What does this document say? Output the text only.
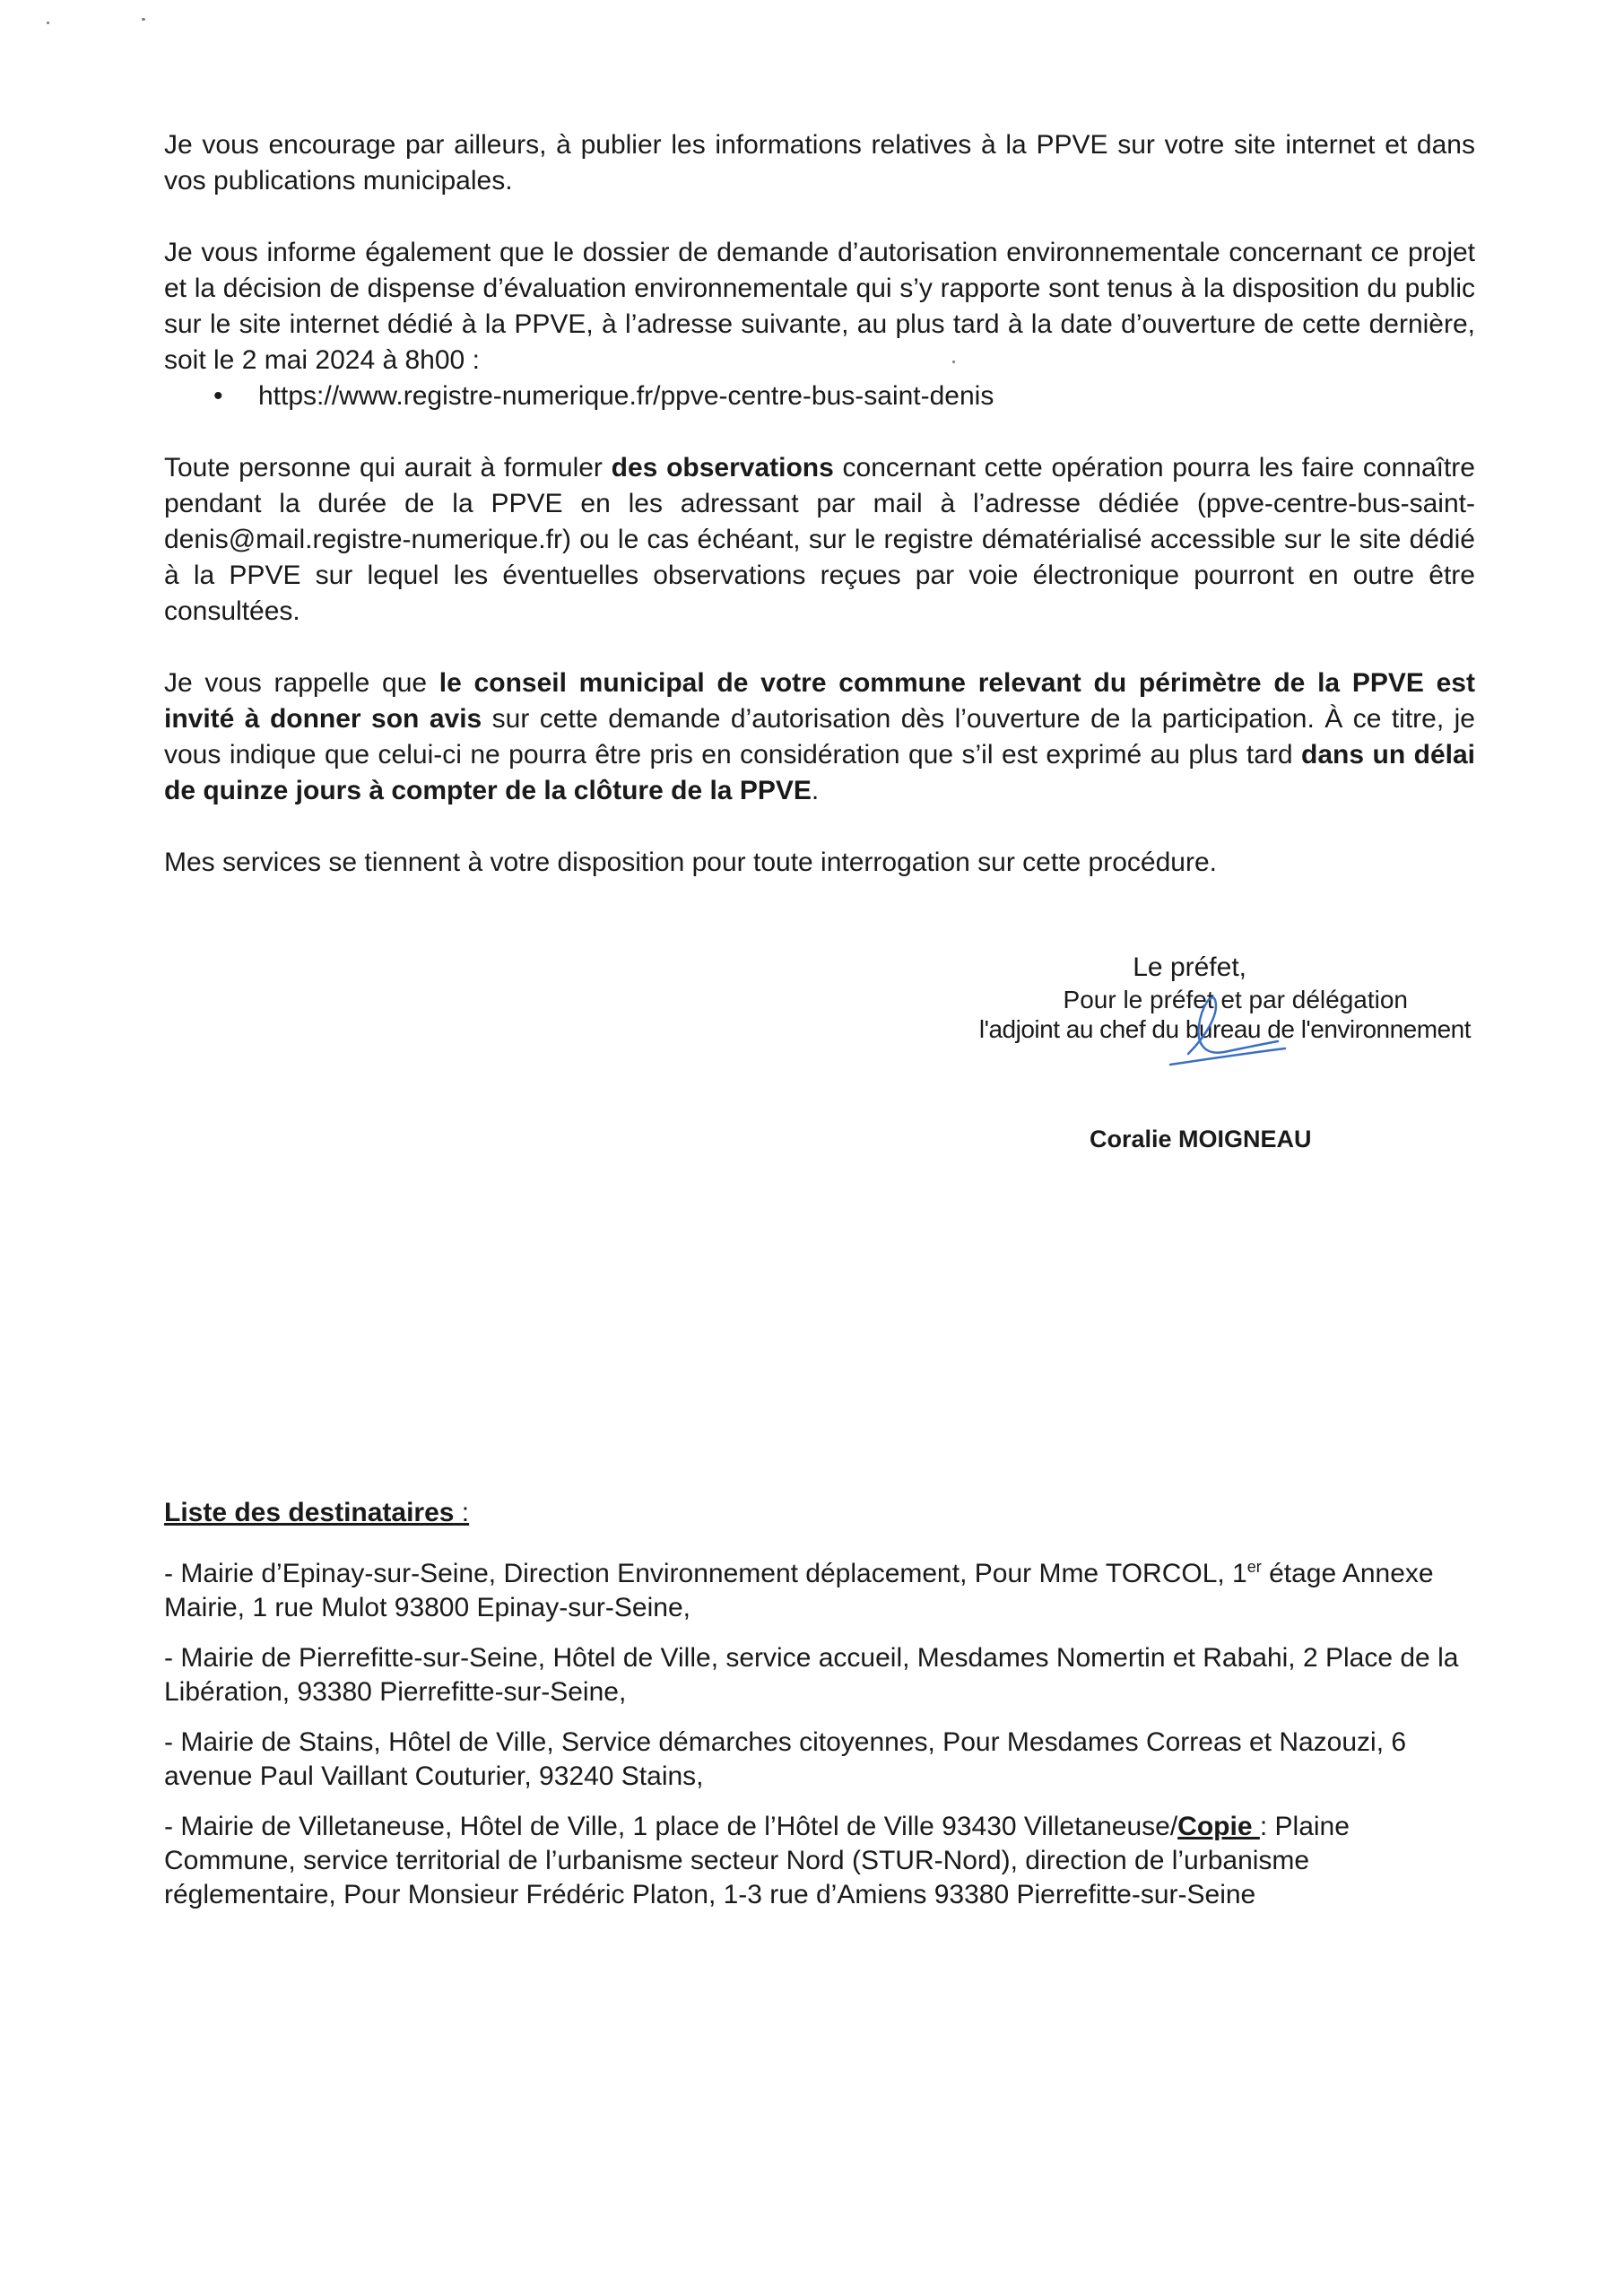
Je vous encourage par ailleurs, à publier les informations relatives à la PPVE sur votre site internet et dans vos publications municipales.

Je vous informe également que le dossier de demande d’autorisation environnementale concernant ce projet et la décision de dispense d’évaluation environnementale qui s’y rapporte sont tenus à la disposition du public sur le site internet dédié à la PPVE, à l’adresse suivante, au plus tard à la date d’ouverture de cette dernière, soit le 2 mai 2024 à 8h00 :

• https://www.registre-numerique.fr/ppve-centre-bus-saint-denis

Toute personne qui aurait à formuler des observations concernant cette opération pourra les faire connaître pendant la durée de la PPVE en les adressant par mail à l’adresse dédiée (ppve-centre-bus-saint-denis@mail.registre-numerique.fr) ou le cas échéant, sur le registre dématérialisé accessible sur le site dédié à la PPVE sur lequel les éventuelles observations reçues par voie électronique pourront en outre être consultées.

Je vous rappelle que le conseil municipal de votre commune relevant du périmètre de la PPVE est invité à donner son avis sur cette demande d’autorisation dès l’ouverture de la participation. À ce titre, je vous indique que celui-ci ne pourra être pris en considération que s’il est exprimé au plus tard dans un délai de quinze jours à compter de la clôture de la PPVE.

Mes services se tiennent à votre disposition pour toute interrogation sur cette procédure.

Le préfet,
Pour le préfet et par délégation
l'adjoint au chef du bureau de l'environnement
Coralie MOIGNEAU
Liste des destinataires :
- Mairie d’Epinay-sur-Seine, Direction Environnement déplacement, Pour Mme TORCOL, 1er étage Annexe Mairie, 1 rue Mulot 93800 Epinay-sur-Seine,
- Mairie de Pierrefitte-sur-Seine, Hôtel de Ville, service accueil, Mesdames Nomertin et Rabahi, 2 Place de la Libération, 93380 Pierrefitte-sur-Seine,
- Mairie de Stains, Hôtel de Ville, Service démarches citoyennes, Pour Mesdames Correas et Nazouzi, 6 avenue Paul Vaillant Couturier, 93240 Stains,
- Mairie de Villetaneuse, Hôtel de Ville, 1 place de l’Hôtel de Ville 93430 Villetaneuse/Copie : Plaine Commune, service territorial de l’urbanisme secteur Nord (STUR-Nord), direction de l’urbanisme réglementaire, Pour Monsieur Frédéric Platon, 1-3 rue d’Amiens 93380 Pierrefitte-sur-Seine
